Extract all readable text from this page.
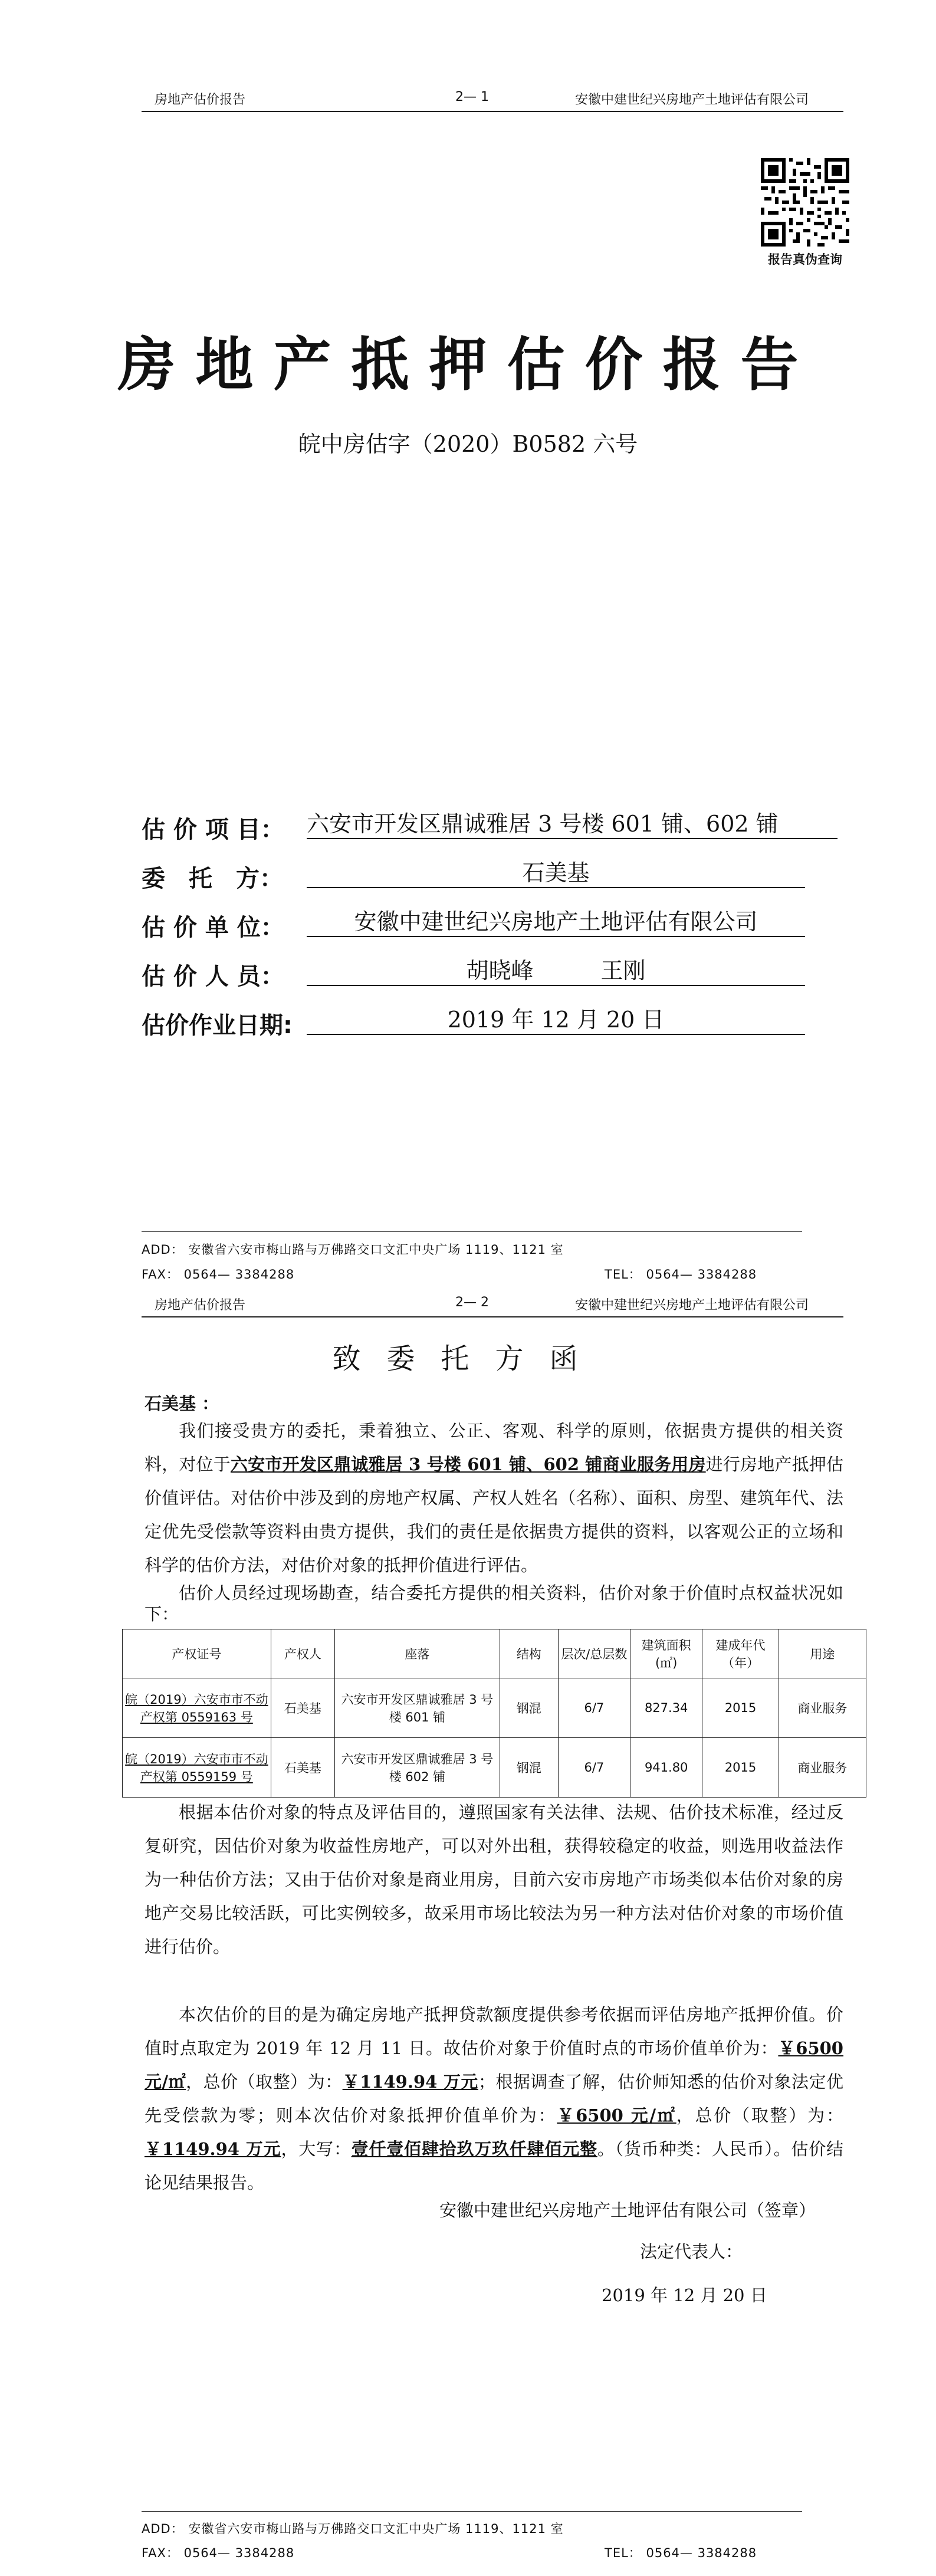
房地产估价报告	2— 1	安徽中建世纪兴房地产土地评估有限公司
报告真伪查询
房地产抵押估价报告
皖中房估字（2020）B0582 六号
估 价 项 目： 六安市开发区鼎诚雅居 3 号楼 601 铺、602 铺
委　托　方：	石美基
估 价 单 位：	安徽中建世纪兴房地产土地评估有限公司
估 价 人 员：	胡晓峰　　　王刚
估价作业日期:	2019 年 12 月 20 日
ADD： 安徽省六安市梅山路与万佛路交口文汇中央广场 1119、1121 室
FAX： 0564— 3384288	TEL： 0564— 3384288
房地产估价报告	2— 2	安徽中建世纪兴房地产土地评估有限公司
致委托方函
石美基 ：
我们接受贵方的委托，秉着独立、公正、客观、科学的原则，依据贵方提供的相关资料，对位于六安市开发区鼎诚雅居 3 号楼 601 铺、602 铺商业服务用房进行房地产抵押估价值评估。对估价中涉及到的房地产权属、产权人姓名（名称）、面积、房型、建筑年代、法定优先受偿款等资料由贵方提供，我们的责任是依据贵方提供的资料，以客观公正的立场和科学的估价方法，对估价对象的抵押价值进行评估。
估价人员经过现场勘查，结合委托方提供的相关资料，估价对象于价值时点权益状况如下：
产权证号	产权人	座落	结构	层次/总层数	建筑面积(㎡)	建成年代（年）	用途
皖（2019）六安市市不动产权第 0559163 号	石美基	六安市开发区鼎诚雅居 3 号楼 601 铺	钢混	6/7	827.34	2015	商业服务
皖（2019）六安市市不动产权第 0559159 号	石美基	六安市开发区鼎诚雅居 3 号楼 602 铺	钢混	6/7	941.80	2015	商业服务
根据本估价对象的特点及评估目的，遵照国家有关法律、法规、估价技术标准，经过反复研究，因估价对象为收益性房地产，可以对外出租，获得较稳定的收益，则选用收益法作为一种估价方法；又由于估价对象是商业用房，目前六安市房地产市场类似本估价对象的房地产交易比较活跃，可比实例较多，故采用市场比较法为另一种方法对估价对象的市场价值进行估价。
本次估价的目的是为确定房地产抵押贷款额度提供参考依据而评估房地产抵押价值。价值时点取定为 2019 年 12 月 11 日。故估价对象于价值时点的市场价值单价为：￥6500 元/㎡，总价（取整）为：￥1149.94 万元；根据调查了解，估价师知悉的估价对象法定优先受偿款为零；则本次估价对象抵押价值单价为：￥6500 元/㎡，总价（取整）为：￥1149.94 万元，大写：壹仟壹佰肆拾玖万玖仟肆佰元整。（货币种类：人民币）。估价结论见结果报告。
安徽中建世纪兴房地产土地评估有限公司（签章）
法定代表人：
2019 年 12 月 20 日
ADD： 安徽省六安市梅山路与万佛路交口文汇中央广场 1119、1121 室
FAX： 0564— 3384288	TEL： 0564— 3384288
